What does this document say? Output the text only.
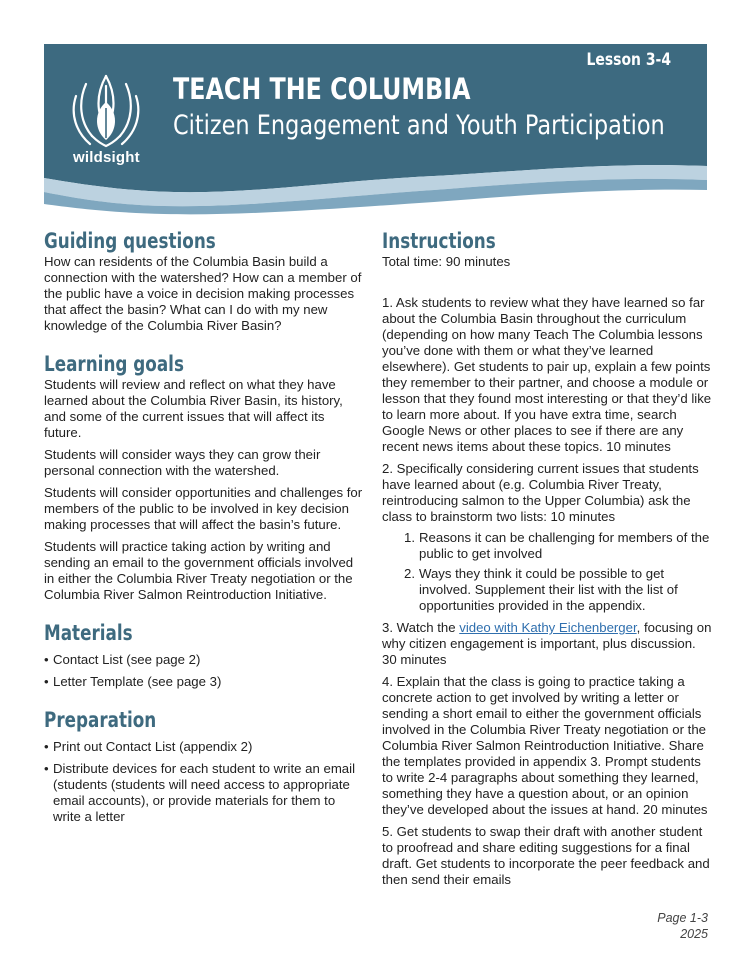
Lesson 3-4
wildsight
TEACH THE COLUMBIA
Citizen Engagement and Youth Participation
Guiding questions

How can residents of the Columbia Basin build a connection with the watershed? How can a member of the public have a voice in decision making processes that affect the basin? What can I do with my new knowledge of the Columbia River Basin?

Learning goals

Students will review and reflect on what they have learned about the Columbia River Basin, its history, and some of the current issues that will affect its future.

Students will consider ways they can grow their personal connection with the watershed.

Students will consider opportunities and challenges for members of the public to be involved in key decision making processes that will affect the basin’s future.

Students will practice taking action by writing and sending an email to the government officials involved in either the Columbia River Treaty negotiation or the Columbia River Salmon Reintroduction Initiative.

Materials
• Contact List (see page 2)
• Letter Template (see page 3)
Preparation
• Print out Contact List (appendix 2)
• Distribute devices for each student to write an email (students (students will need access to appropriate email accounts), or provide materials for them to write a letter
Instructions

Total time: 90 minutes

1. Ask students to review what they have learned so far about the Columbia Basin throughout the curriculum (depending on how many Teach The Columbia lessons you’ve done with them or what they’ve learned elsewhere). Get students to pair up, explain a few points they remember to their partner, and choose a module or lesson that they found most interesting or that they’d like to learn more about. If you have extra time, search Google News or other places to see if there are any recent news items about these topics. 10 minutes

2. Specifically considering current issues that students have learned about (e.g. Columbia River Treaty, reintroducing salmon to the Upper Columbia) ask the class to brainstorm two lists: 10 minutes

1. Reasons it can be challenging for members of the public to get involved
2. Ways they think it could be possible to get involved. Supplement their list with the list of opportunities provided in the appendix.

3. Watch the video with Kathy Eichenberger, focusing on why citizen engagement is important, plus discussion. 30 minutes

4. Explain that the class is going to practice taking a concrete action to get involved by writing a letter or sending a short email to either the government officials involved in the Columbia River Treaty negotiation or the Columbia River Salmon Reintroduction Initiative. Share the templates provided in appendix 3. Prompt students to write 2-4 paragraphs about something they learned, something they have a question about, or an opinion they’ve developed about the issues at hand. 20 minutes

5. Get students to swap their draft with another student to proofread and share editing suggestions for a final draft. Get students to incorporate the peer feedback and then send their emails

Page 1-3
2025
